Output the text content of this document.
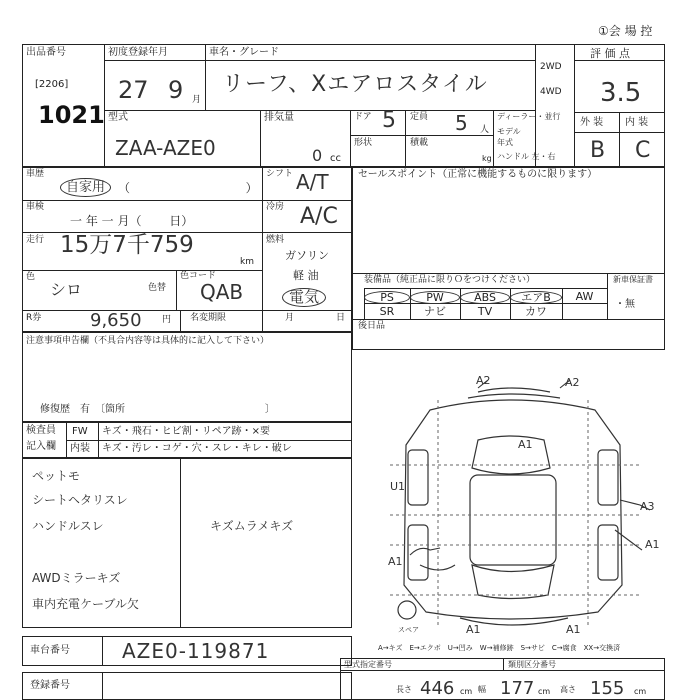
①会 場 控
出品番号
[2206]
1021
初度登録年月
27 9 月
車名・グレード
リーフ、Xエアロスタイル
2WD
4WD
評 価 点
3.5
外 装 内 装
B C
型式
ZAA-AZE0
排気量
0 cc
ドア 5 定員 5 人
ディーラー・並行
モデル
年式
ハンドル 左・右
形状	積載
kg
車歴
自家用	（ 　　　　　　　　　 ）
シフト A/T
車検
一 年 一 月（　　 日）
冷房 A/C
走行 15万7千759
km
燃料
ガソリン
軽 油
電気
色
シロ	色替
色コード
QAB
R券	9,650 円 名変期限	月	日
セールスポイント（正常に機能するものに限ります）
装備品（純正品に限りＯをつけください）	新車保証書
・無
後日品
注意事項申告欄（不具合内容等は具体的に記入して下さい）
修復歴　有　〔箇所　　　　　　　　　　　　　　〕
検査員
記入欄
FW キズ・飛石・ヒビ割・リペア跡・×要
内装 キズ・汚レ・コゲ・穴・スレ・キレ・破レ
ペットモ
シートヘタリスレ
ハンドルスレ
AWDミラーキズ
車内充電ケーブル欠
キズムラメキズ
A2	A2
A1
U1
A3
A1
A1
A1	A1
スペア
A→キズ　E→エクボ　U→凹み　W→補修跡　S→サビ　C→腐食　XX→交換済
車台番号	AZE0-119871
登録番号
型式指定番号	類別区分番号
長さ 446 cm 幅 177 cm 高さ 155 cm
PS	PW	ABS	エアB	AW
SR	ナビ	TV	カワ
